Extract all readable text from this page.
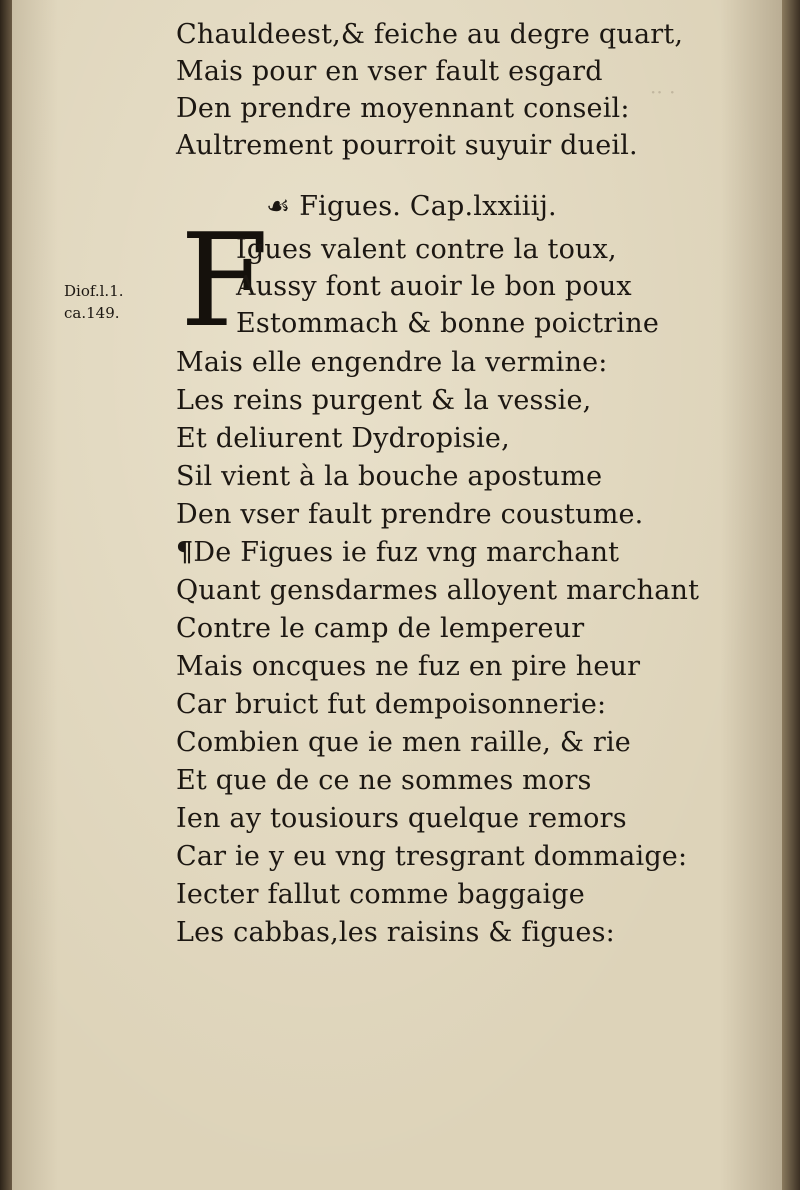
·· ·
Diof.l.1.
ca.149. F
Chauldeest,& feiche au degre quart,
Mais pour en vser fault esgard
Den prendre moyennant conseil:
Aultrement pourroit suyuir dueil.
☙ Figues. Cap.lxxiiij.
Igues valent contre la toux,
Aussy font auoir le bon poux
Estommach & bonne poictrine
Mais elle engendre la vermine:
Les reins purgent & la vessie,
Et deliurent Dydropisie,
Sil vient à la bouche apostume
Den vser fault prendre coustume.
¶De Figues ie fuz vng marchant
Quant gensdarmes alloyent marchant
Contre le camp de lempereur
Mais oncques ne fuz en pire heur
Car bruict fut dempoisonnerie:
Combien que ie men raille, & rie
Et que de ce ne sommes mors
Ien ay tousiours quelque remors
Car ie y eu vng tresgrant dommaige:
Iecter fallut comme baggaige
Les cabbas,les raisins & figues:
